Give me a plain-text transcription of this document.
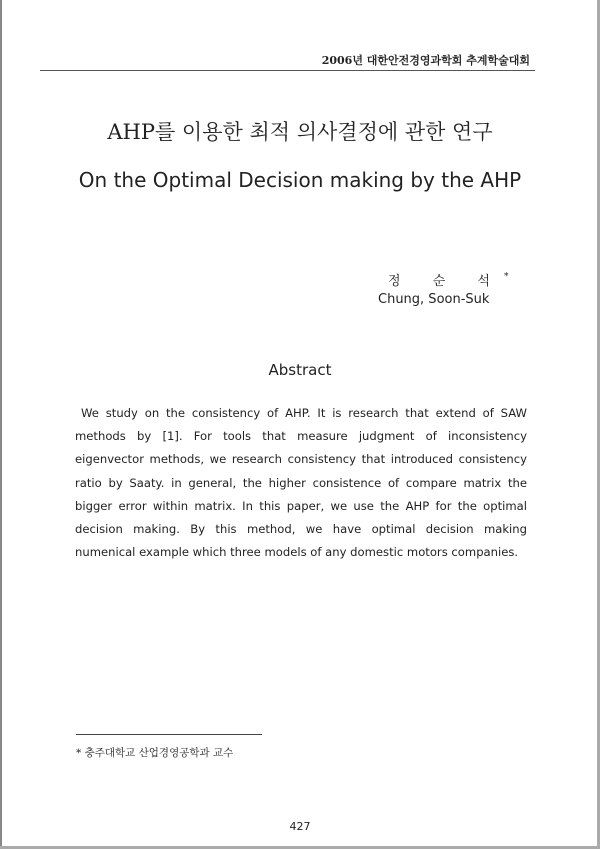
2006년 대한안전경영과학회 추계학술대회
AHP를 이용한 최적 의사결정에 관한 연구
On the Optimal Decision making by the AHP
정 순 석*
Chung, Soon-Suk
Abstract
We study on the consistency of AHP. It is research that extend of SAW methods by [1]. For tools that measure judgment of inconsistency eigenvector methods, we research consistency that introduced consistency ratio by Saaty. in general, the higher consistence of compare matrix the bigger error within matrix. In this paper, we use the AHP for the optimal decision making. By this method, we have optimal decision making numenical example which three models of any domestic motors companies.
* 충주대학교 산업경영공학과 교수
427
